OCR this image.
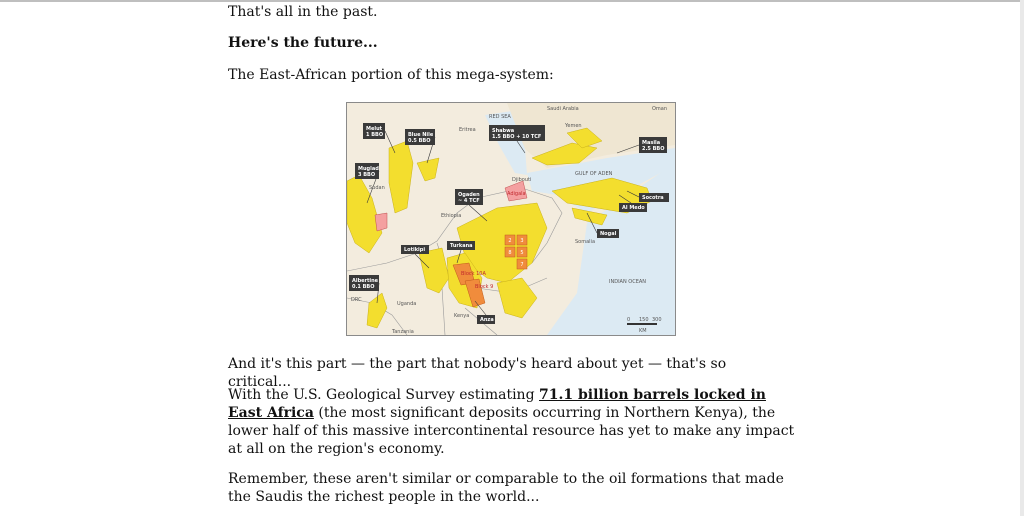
That's all in the past.

Here's the future...

The East-African portion of this mega-system:

And it's this part — the part that nobody's heard about yet — that's so critical...

With the U.S. Geological Survey estimating 71.1 billion barrels locked in East Africa (the most significant deposits occurring in Northern Kenya), the lower half of this massive intercontinental resource has yet to make any impact at all on the region's economy.

Remember, these aren't similar or comparable to the oil formations that made the Saudis the richest people in the world...

2 3
5
7
8
Saudi Arabia	Oman
Yemen
Eritrea
RED SEA
GULF OF ADEN
Djibouti
Sudan
Ethiopia
Somalia
INDIAN OCEAN
DRC
Uganda
Kenya
Tanzania
Block 10A
Block 9
Adigala
Melut
1 BBO	Blue Nile
0.5 BBO
Muglad
3 BBO
Shabwa
1.5 BBO + 10 TCF
Masila
2.5 BBO
Ogaden
~ 4 TCF	Socotra
Al Medo
Nogal
Lotikipi
Turkana
Albertine
0.1 BBO
Anza	0 150 300
KM
